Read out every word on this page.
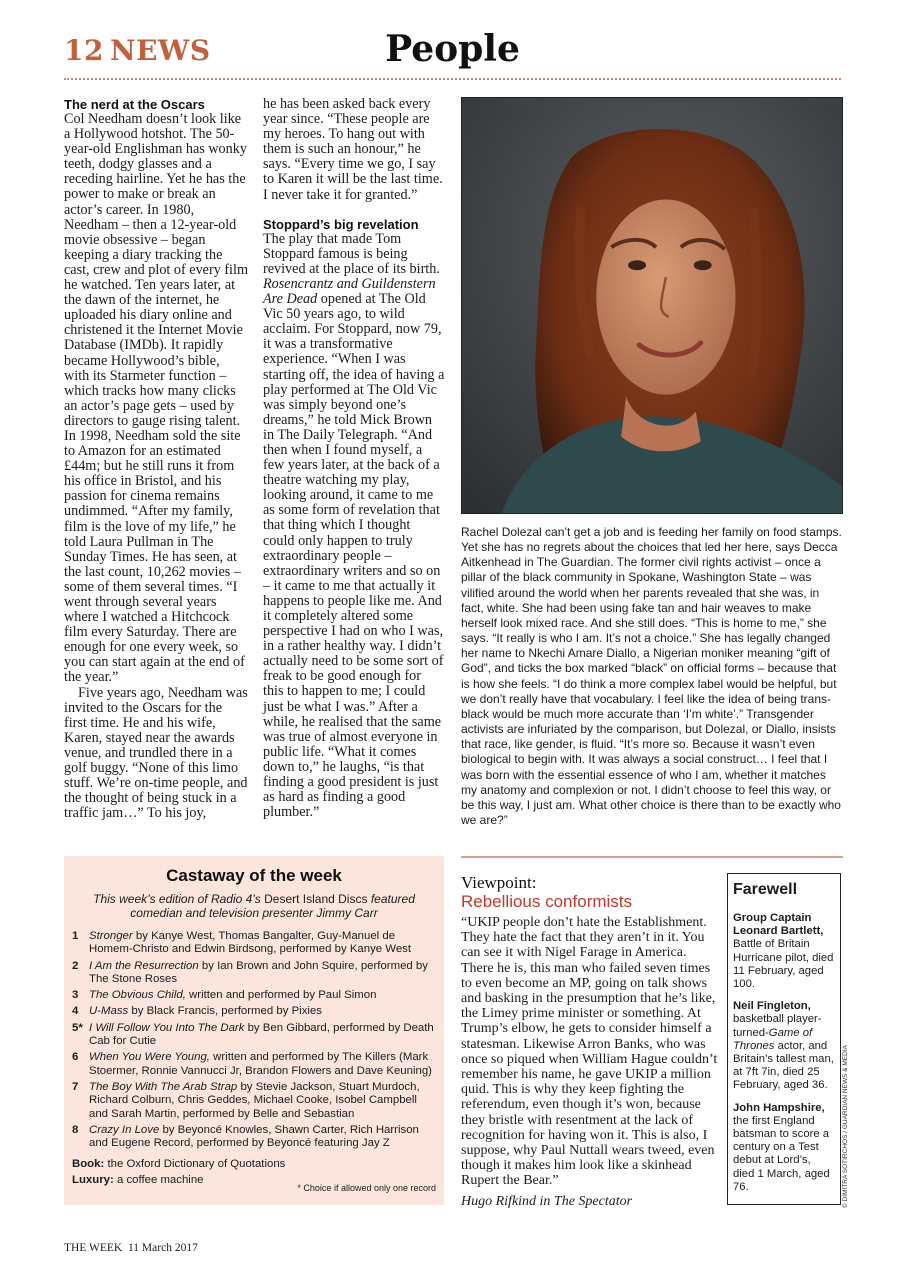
12 NEWS	People
The nerd at the Oscars

Col Needham doesn’t look like a Hollywood hotshot. The 50-year-old Englishman has wonky teeth, dodgy glasses and a receding hairline. Yet he has the power to make or break an actor’s career. In 1980, Needham – then a 12-year-old movie obsessive – began keeping a diary tracking the cast, crew and plot of every film he watched. Ten years later, at the dawn of the internet, he uploaded his diary online and christened it the Internet Movie Database (IMDb). It rapidly became Hollywood’s bible, with its Starmeter function – which tracks how many clicks an actor’s page gets – used by directors to gauge rising talent. In 1998, Needham sold the site to Amazon for an estimated £44m; but he still runs it from his office in Bristol, and his passion for cinema remains undimmed. “After my family, film is the love of my life,” he told Laura Pullman in The Sunday Times. He has seen, at the last count, 10,262 movies – some of them several times. “I went through several years where I watched a Hitchcock film every Saturday. There are enough for one every week, so you can start again at the end of the year.”

Five years ago, Needham was invited to the Oscars for the first time. He and his wife, Karen, stayed near the awards venue, and trundled there in a golf buggy. “None of this limo stuff. We’re on-time people, and the thought of being stuck in a traffic jam…” To his joy,

he has been asked back every year since. “These people are my heroes. To hang out with them is such an honour,” he says. “Every time we go, I say to Karen it will be the last time. I never take it for granted.”

Stoppard’s big revelation

The play that made Tom Stoppard famous is being revived at the place of its birth. Rosencrantz and Guildenstern Are Dead opened at The Old Vic 50 years ago, to wild acclaim. For Stoppard, now 79, it was a transformative experience. “When I was starting off, the idea of having a play performed at The Old Vic was simply beyond one’s dreams,” he told Mick Brown in The Daily Telegraph. “And then when I found myself, a few years later, at the back of a theatre watching my play, looking around, it came to me as some form of revelation that that thing which I thought could only happen to truly extraordinary people – extraordinary writers and so on – it came to me that actually it happens to people like me. And it completely altered some perspective I had on who I was, in a rather healthy way. I didn’t actually need to be some sort of freak to be good enough for this to happen to me; I could just be what I was.” After a while, he realised that the same was true of almost everyone in public life. “What it comes down to,” he laughs, “is that finding a good president is just as hard as finding a good plumber.”

Rachel Dolezal can’t get a job and is feeding her family on food stamps. Yet she has no regrets about the choices that led her here, says Decca Aitkenhead in The Guardian. The former civil rights activist – once a pillar of the black community in Spokane, Washington State – was vilified around the world when her parents revealed that she was, in fact, white. She had been using fake tan and hair weaves to make herself look mixed race. And she still does. “This is home to me,” she says. “It really is who I am. It’s not a choice.” She has legally changed her name to Nkechi Amare Diallo, a Nigerian moniker meaning “gift of God”, and ticks the box marked “black” on official forms – because that is how she feels. “I do think a more complex label would be helpful, but we don’t really have that vocabulary. I feel like the idea of being trans-black would be much more accurate than ‘I’m white’.” Transgender activists are infuriated by the comparison, but Dolezal, or Diallo, insists that race, like gender, is fluid. “It’s more so. Because it wasn’t even biological to begin with. It was always a social construct… I feel that I was born with the essential essence of who I am, whether it matches my anatomy and complexion or not. I didn’t choose to feel this way, or be this way, I just am. What other choice is there than to be exactly who we are?”
Castaway of the week

This week’s edition of Radio 4’s Desert Island Discs featured comedian and television presenter Jimmy Carr

1 Stronger by Kanye West, Thomas Bangalter, Guy-Manuel de Homem-Christo and Edwin Birdsong, performed by Kanye West
2 I Am the Resurrection by Ian Brown and John Squire, performed by The Stone Roses
3 The Obvious Child, written and performed by Paul Simon
4 U-Mass by Black Francis, performed by Pixies
5* I Will Follow You Into The Dark by Ben Gibbard, performed by Death Cab for Cutie
6 When You Were Young, written and performed by The Killers (Mark Stoermer, Ronnie Vannucci Jr, Brandon Flowers and Dave Keuning)
7 The Boy With The Arab Strap by Stevie Jackson, Stuart Murdoch, Richard Colburn, Chris Geddes, Michael Cooke, Isobel Campbell and Sarah Martin, performed by Belle and Sebastian
8 Crazy In Love by Beyoncé Knowles, Shawn Carter, Rich Harrison and Eugene Record, performed by Beyoncé featuring Jay Z

Book: the Oxford Dictionary of Quotations

Luxury: a coffee machine

* Choice if allowed only one record
Viewpoint:
Rebellious conformists

“UKIP people don’t hate the Establishment. They hate the fact that they aren’t in it. You can see it with Nigel Farage in America. There he is, this man who failed seven times to even become an MP, going on talk shows and basking in the presumption that he’s like, the Limey prime minister or something. At Trump’s elbow, he gets to consider himself a statesman. Likewise Arron Banks, who was once so piqued when William Hague couldn’t remember his name, he gave UKIP a million quid. This is why they keep fighting the referendum, even though it’s won, because they bristle with resentment at the lack of recognition for having won it. This is also, I suppose, why Paul Nuttall wears tweed, even though it makes him look like a skinhead Rupert the Bear.”

Hugo Rifkind in The Spectator

Farewell

Group Captain Leonard Bartlett, Battle of Britain Hurricane pilot, died 11 February, aged 100.

Neil Fingleton, basketball player-turned-Game of Thrones actor, and Britain’s tallest man, at 7ft 7in, died 25 February, aged 36.

John Hampshire, the first England batsman to score a century on a Test debut at Lord’s, died 1 March, aged 76.	© DIMITRA SOTIRCHOS / GUARDIAN NEWS & MEDIA
THE WEEK 11 March 2017
